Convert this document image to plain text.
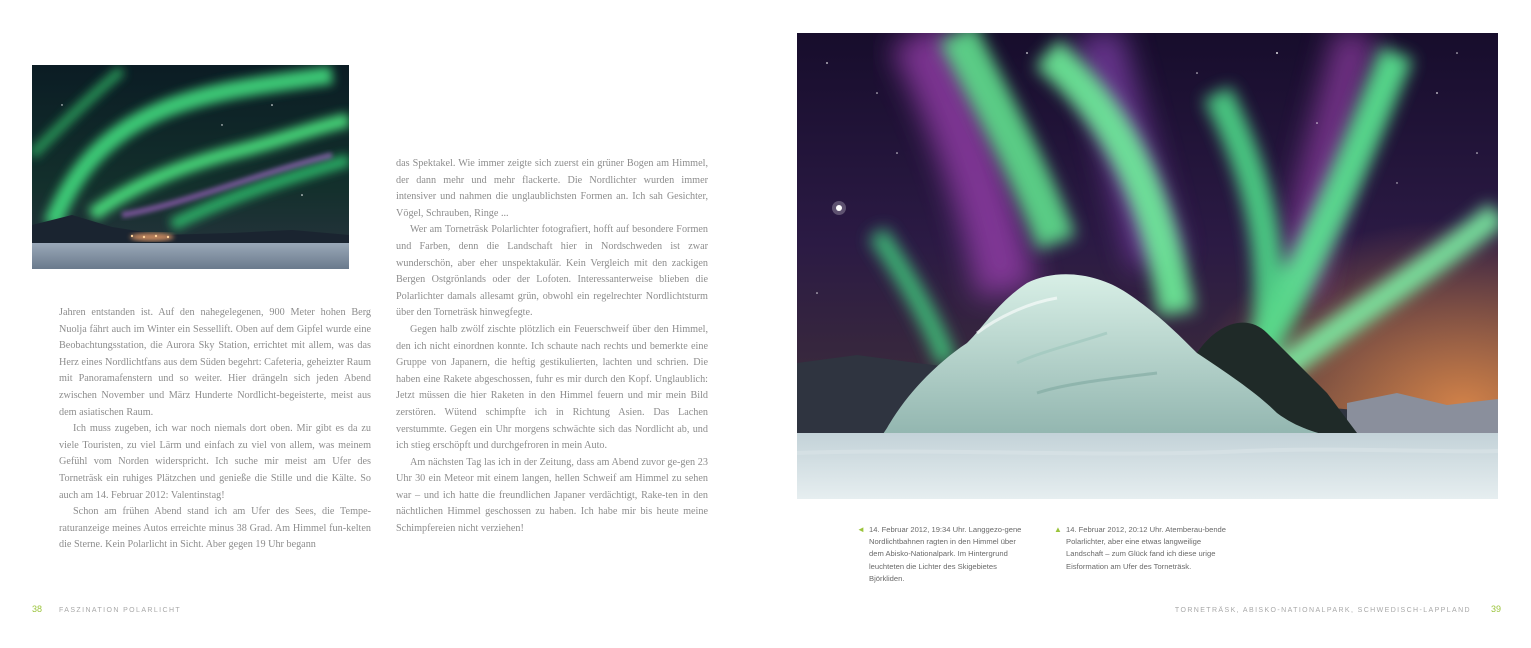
Jahren entstanden ist. Auf den nahegelegenen, 900 Meter hohen Berg Nuolja fährt auch im Winter ein Sessellift. Oben auf dem Gipfel wurde eine Beobachtungsstation, die Aurora Sky Station, errichtet mit allem, was das Herz eines Nordlichtfans aus dem Süden begehrt: Cafeteria, geheizter Raum mit Panoramafenstern und so weiter. Hier drängeln sich jeden Abend zwischen November und März Hunderte Nordlicht-begeisterte, meist aus dem asiatischen Raum.

Ich muss zugeben, ich war noch niemals dort oben. Mir gibt es da zu viele Touristen, zu viel Lärm und einfach zu viel von allem, was meinem Gefühl vom Norden widerspricht. Ich suche mir meist am Ufer des Torneträsk ein ruhiges Plätzchen und genieße die Stille und die Kälte. So auch am 14. Februar 2012: Valentinstag!

Schon am frühen Abend stand ich am Ufer des Sees, die Tempe-raturanzeige meines Autos erreichte minus 38 Grad. Am Himmel fun-kelten die Sterne. Kein Polarlicht in Sicht. Aber gegen 19 Uhr begann

das Spektakel. Wie immer zeigte sich zuerst ein grüner Bogen am Himmel, der dann mehr und mehr flackerte. Die Nordlichter wurden immer intensiver und nahmen die unglaublichsten Formen an. Ich sah Gesichter, Vögel, Schrauben, Ringe ...

Wer am Torneträsk Polarlichter fotografiert, hofft auf besondere Formen und Farben, denn die Landschaft hier in Nordschweden ist zwar wunderschön, aber eher unspektakulär. Kein Vergleich mit den zackigen Bergen Ostgrönlands oder der Lofoten. Interessanterweise blieben die Polarlichter damals allesamt grün, obwohl ein regelrechter Nordlichtsturm über den Torneträsk hinwegfegte.

Gegen halb zwölf zischte plötzlich ein Feuerschweif über den Himmel, den ich nicht einordnen konnte. Ich schaute nach rechts und bemerkte eine Gruppe von Japanern, die heftig gestikulierten, lachten und schrien. Die haben eine Rakete abgeschossen, fuhr es mir durch den Kopf. Unglaublich: Jetzt müssen die hier Raketen in den Himmel feuern und mir mein Bild zerstören. Wütend schimpfte ich in Richtung Asien. Das Lachen verstummte. Gegen ein Uhr morgens schwächte sich das Nordlicht ab, und ich stieg erschöpft und durchgefroren in mein Auto.

Am nächsten Tag las ich in der Zeitung, dass am Abend zuvor ge-gen 23 Uhr 30 ein Meteor mit einem langen, hellen Schweif am Himmel zu sehen war – und ich hatte die freundlichen Japaner verdächtigt, Rake-ten in den nächtlichen Himmel geschossen zu haben. Ich habe mir bis heute meine Schimpfereien nicht verziehen!	◄ 14. Februar 2012, 19:34 Uhr. Langgezo-gene Nordlichtbahnen ragten in den Himmel über dem Abisko-Nationalpark. Im Hintergrund leuchteten die Lichter des Skigebietes Björkliden.
▲ 14. Februar 2012, 20:12 Uhr. Atemberau-bende Polarlichter, aber eine etwas langweilige Landschaft – zum Glück fand ich diese urige Eisformation am Ufer des Torneträsk.
38 FASZINATION POLARLICHT	TORNETRÄSK, ABISKO-NATIONALPARK, SCHWEDISCH-LAPPLAND 39
